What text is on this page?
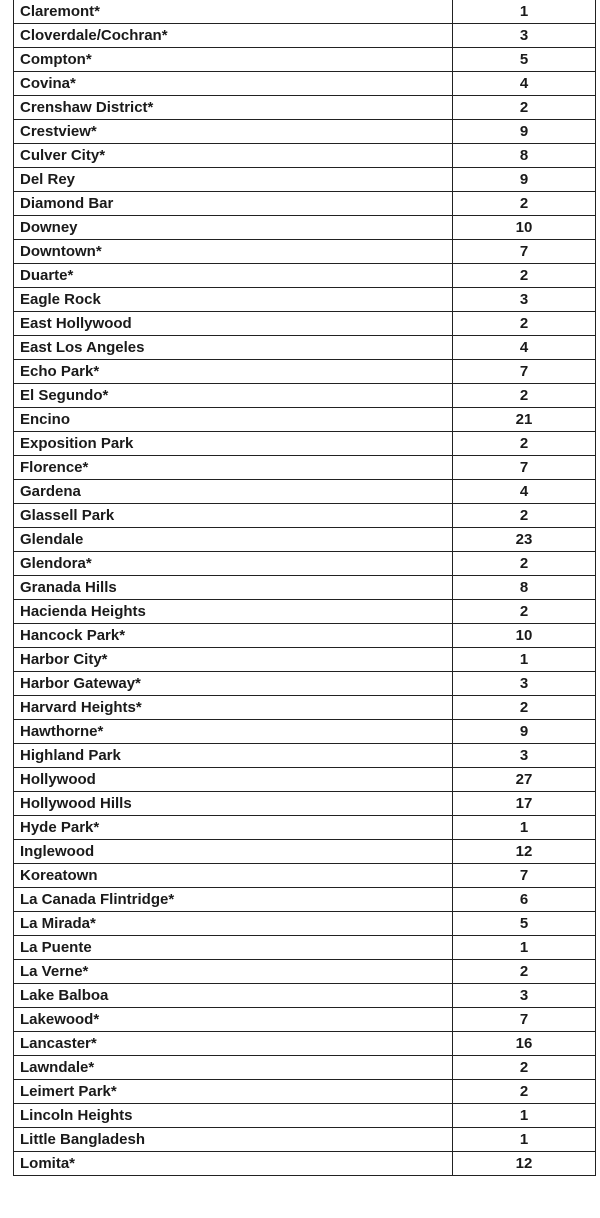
Claremont*	1
Cloverdale/Cochran*	3
Compton*	5
Covina*	4
Crenshaw District*	2
Crestview*	9
Culver City*	8
Del Rey	9
Diamond Bar	2
Downey	10
Downtown*	7
Duarte*	2
Eagle Rock	3
East Hollywood	2
East Los Angeles	4
Echo Park*	7
El Segundo*	2
Encino	21
Exposition Park	2
Florence*	7
Gardena	4
Glassell Park	2
Glendale	23
Glendora*	2
Granada Hills	8
Hacienda Heights	2
Hancock Park*	10
Harbor City*	1
Harbor Gateway*	3
Harvard Heights*	2
Hawthorne*	9
Highland Park	3
Hollywood	27
Hollywood Hills	17
Hyde Park*	1
Inglewood	12
Koreatown	7
La Canada Flintridge*	6
La Mirada*	5
La Puente	1
La Verne*	2
Lake Balboa	3
Lakewood*	7
Lancaster*	16
Lawndale*	2
Leimert Park*	2
Lincoln Heights	1
Little Bangladesh	1
Lomita*	12
